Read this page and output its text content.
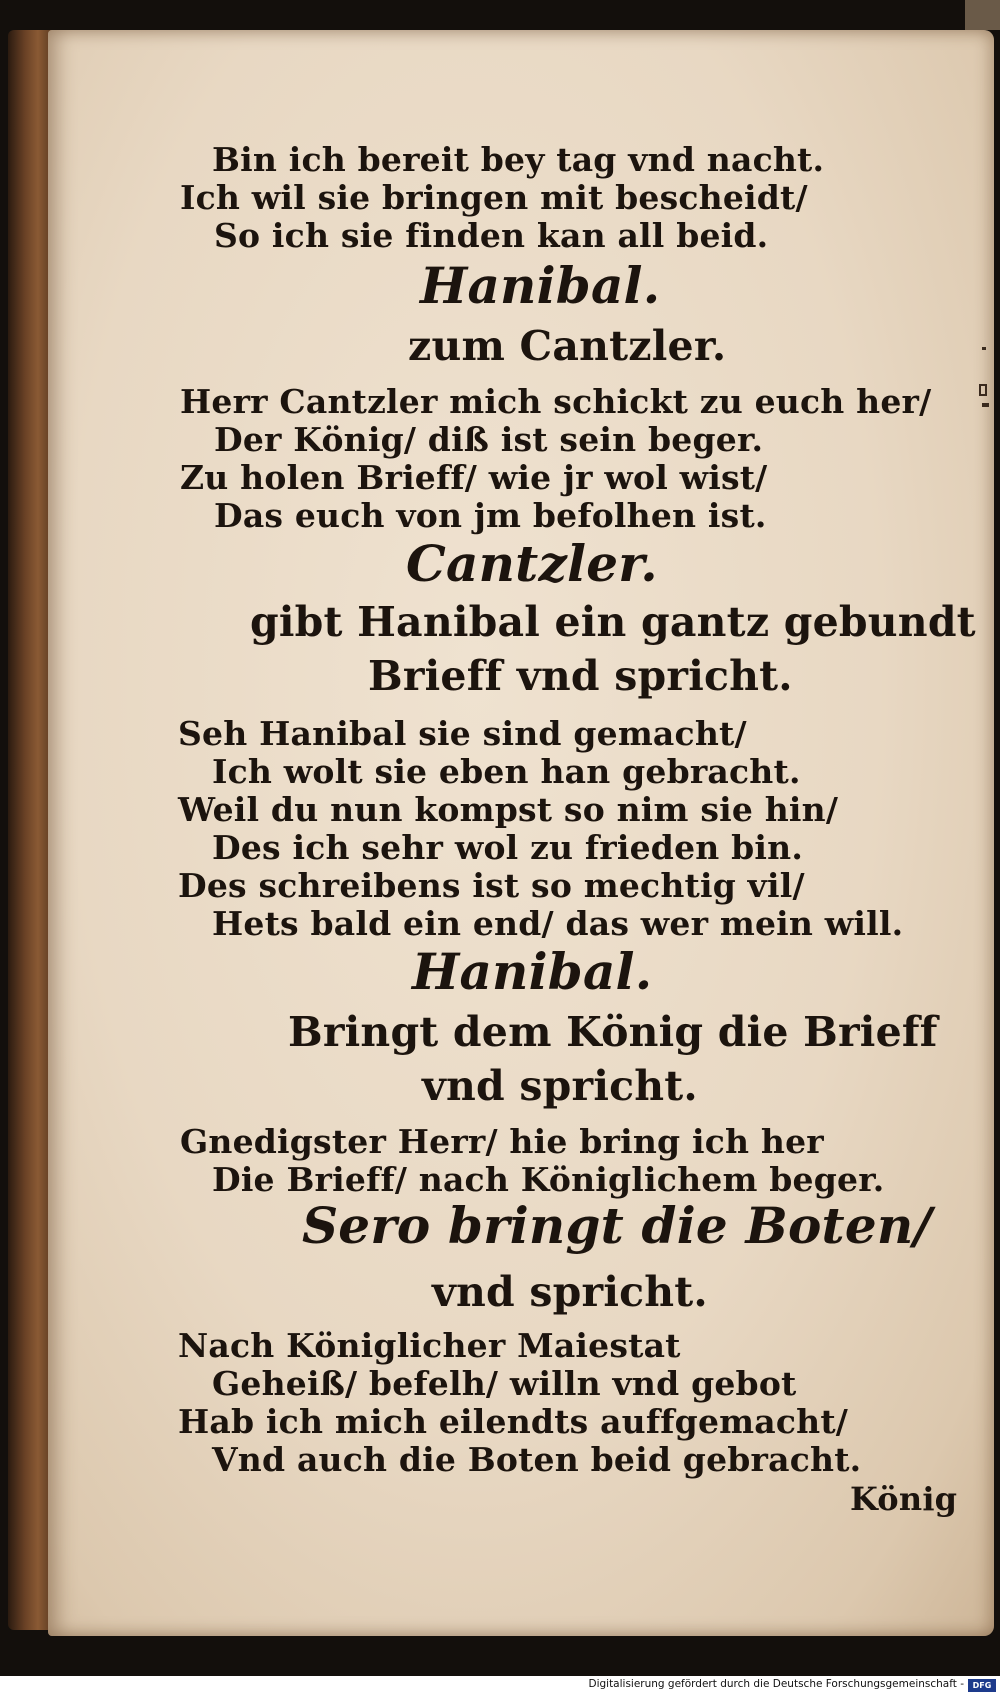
Bin ich bereit bey tag vnd nacht.
Ich wil sie bringen mit bescheidt/
So ich sie finden kan all beid.
Hanibal.
zum Cantzler.
Herr Cantzler mich schickt zu euch her/
Der König/ diß ist sein beger.
Zu holen Brieff/ wie jr wol wist/
Das euch von jm befolhen ist.
Cantzler.
gibt Hanibal ein gantz gebundt
Brieff vnd spricht.
Seh Hanibal sie sind gemacht/
Ich wolt sie eben han gebracht.
Weil du nun kompst so nim sie hin/
Des ich sehr wol zu frieden bin.
Des schreibens ist so mechtig vil/
Hets bald ein end/ das wer mein will.
Hanibal.
Bringt dem König die Brieff
vnd spricht.
Gnedigster Herr/ hie bring ich her
Die Brieff/ nach Königlichem beger.
Sero bringt die Boten/
vnd spricht.
Nach Königlicher Maiestat
Geheiß/ befelh/ willn vnd gebot
Hab ich mich eilendts auffgemacht/
Vnd auch die Boten beid gebracht.
König
Digitalisierung gefördert durch die Deutsche Forschungsgemeinschaft -	DFG
